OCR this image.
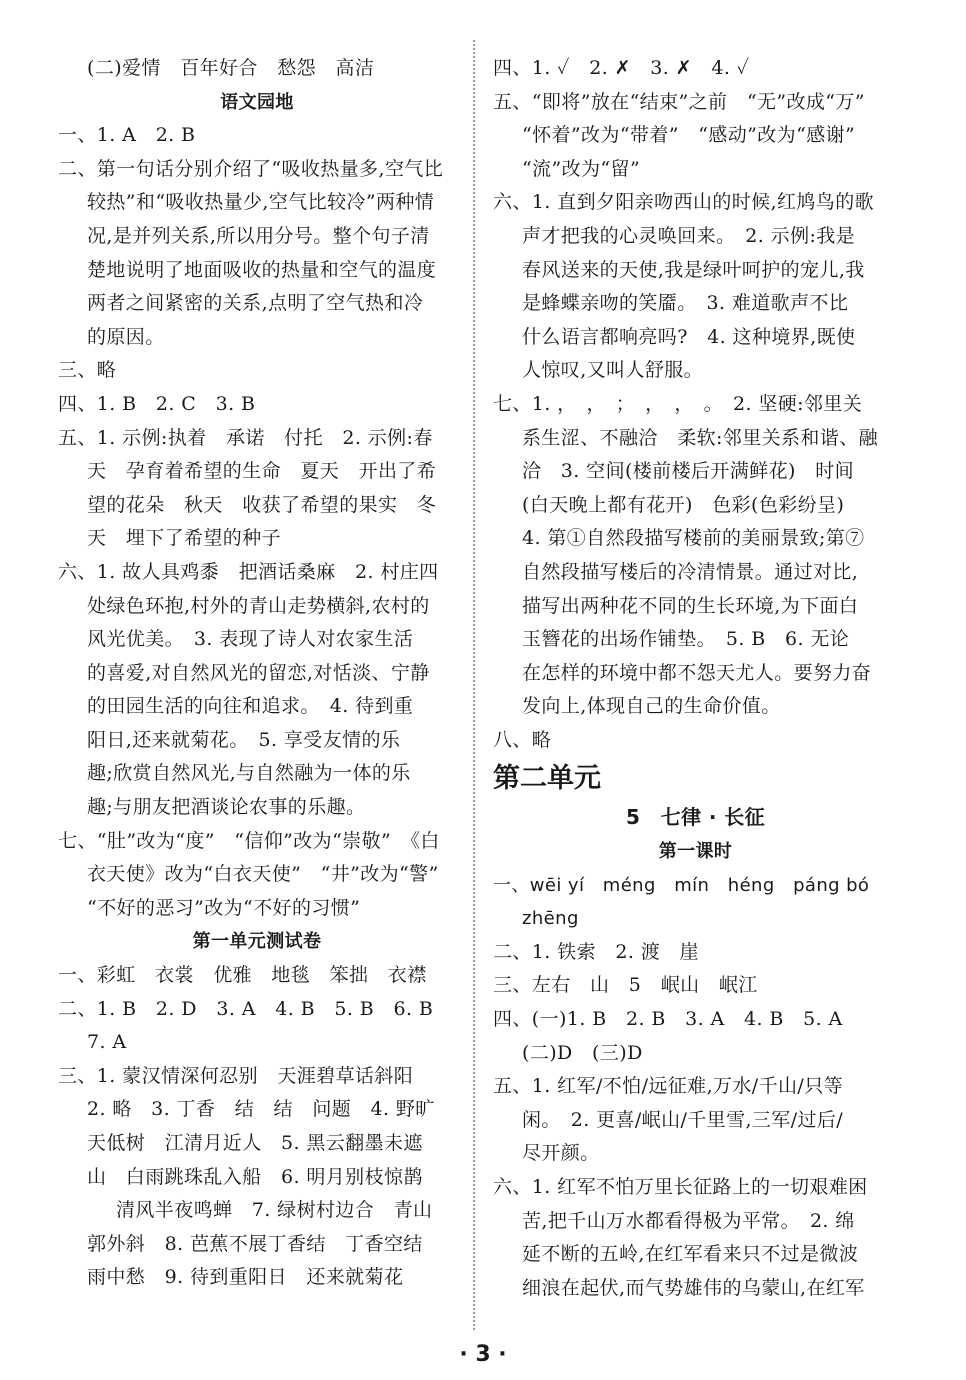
(二)爱情　百年好合　愁怨　高洁
语文园地
一、1. A　2. B
二、第一句话分别介绍了“吸收热量多,空气比
较热”和“吸收热量少,空气比较冷”两种情
况,是并列关系,所以用分号。整个句子清
楚地说明了地面吸收的热量和空气的温度
两者之间紧密的关系,点明了空气热和冷
的原因。
三、略
四、1. B　2. C　3. B
五、1. 示例:执着　承诺　付托　2. 示例:春
天　孕育着希望的生命　夏天　开出了希
望的花朵　秋天　收获了希望的果实　冬
天　埋下了希望的种子
六、1. 故人具鸡黍　把酒话桑麻　2. 村庄四
处绿色环抱,村外的青山走势横斜,农村的
风光优美。　3. 表现了诗人对农家生活
的喜爱,对自然风光的留恋,对恬淡、宁静
的田园生活的向往和追求。　4. 待到重
阳日,还来就菊花。　5. 享受友情的乐
趣;欣赏自然风光,与自然融为一体的乐
趣;与朋友把酒谈论农事的乐趣。
七、“肚”改为“度”　“信仰”改为“崇敬”　《白
衣天使》改为“白衣天使”　“井”改为“警”
“不好的恶习”改为“不好的习惯”
第一单元测试卷
一、彩虹　衣裳　优雅　地毯　笨拙　衣襟
二、1. B　2. D　3. A　4. B　5. B　6. B
7. A
三、1. 蒙汉情深何忍别　天涯碧草话斜阳
2. 略　3. 丁香　结　结　问题　4. 野旷
天低树　江清月近人　5. 黑云翻墨未遮
山　白雨跳珠乱入船　6. 明月别枝惊鹊
清风半夜鸣蝉　7. 绿树村边合　青山
郭外斜　8. 芭蕉不展丁香结　丁香空结
雨中愁　9. 待到重阳日　还来就菊花
四、1. ✓　2. ✗　3. ✗　4. ✓
五、“即将”放在“结束”之前　“无”改成“万”
“怀着”改为“带着”　“感动”改为“感谢”
“流”改为“留”
六、1. 直到夕阳亲吻西山的时候,红鸠鸟的歌
声才把我的心灵唤回来。　2. 示例:我是
春风送来的天使,我是绿叶呵护的宠儿,我
是蜂蝶亲吻的笑靥。　3. 难道歌声不比
什么语言都响亮吗?　4. 这种境界,既使
人惊叹,又叫人舒服。
七、1. ，　，　；　，　，　。　2. 坚硬:邻里关
系生涩、不融洽　柔软:邻里关系和谐、融
洽　3. 空间(楼前楼后开满鲜花)　时间
(白天晚上都有花开)　色彩(色彩纷呈)
4. 第①自然段描写楼前的美丽景致;第⑦
自然段描写楼后的冷清情景。通过对比,
描写出两种花不同的生长环境,为下面白
玉簪花的出场作铺垫。　5. B　6. 无论
在怎样的环境中都不怨天尤人。要努力奋
发向上,体现自己的生命价值。
八、略
第二单元
5　七律 · 长征
第一课时
一、wēi yí　méng　mín　héng　páng bó
zhēng
二、1. 铁索　2. 渡　崖
三、左右　山　5　岷山　岷江
四、(一)1. B　2. B　3. A　4. B　5. A
(二)D　(三)D
五、1. 红军/不怕/远征难,万水/千山/只等
闲。　2. 更喜/岷山/千里雪,三军/过后/
尽开颜。
六、1. 红军不怕万里长征路上的一切艰难困
苦,把千山万水都看得极为平常。　2. 绵
延不断的五岭,在红军看来只不过是微波
细浪在起伏,而气势雄伟的乌蒙山,在红军
· 3 ·
